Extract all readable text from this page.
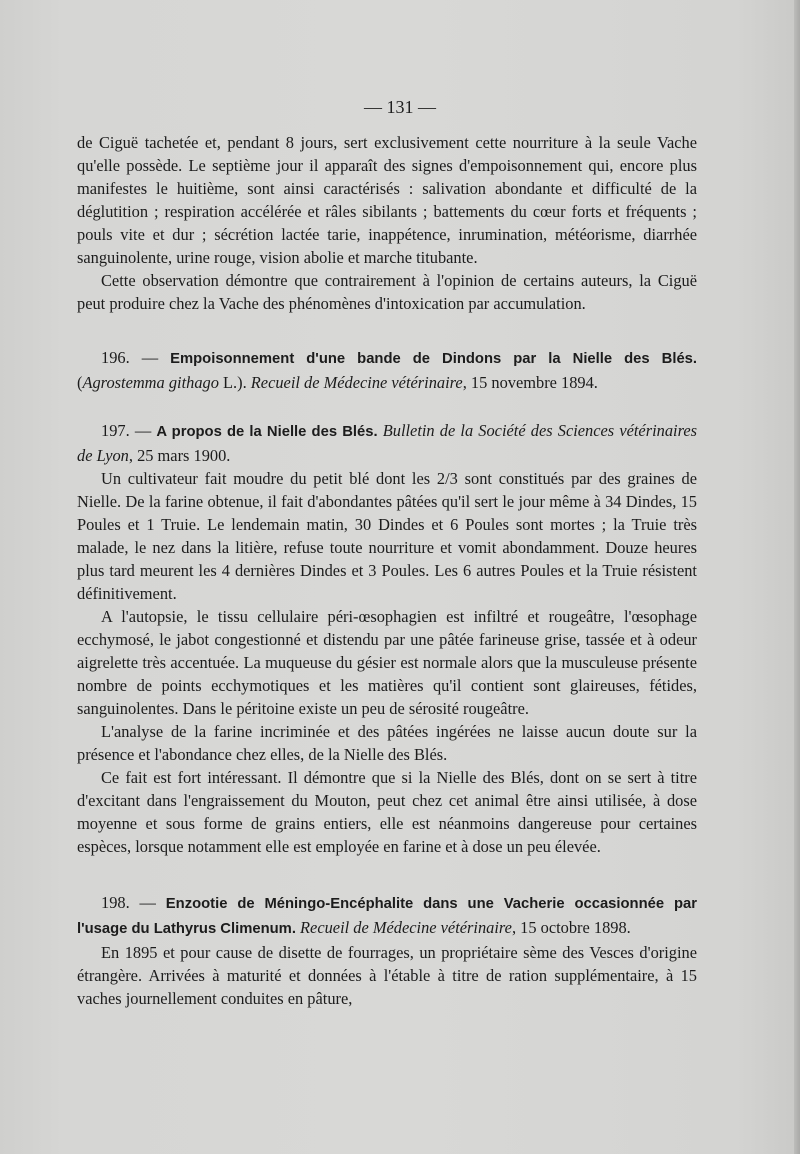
— 131 —

de Ciguë tachetée et, pendant 8 jours, sert exclusivement cette nourriture à la seule Vache qu'elle possède. Le septième jour il apparaît des signes d'empoisonnement qui, encore plus manifestes le huitième, sont ainsi caractérisés : salivation abondante et difficulté de la déglutition ; respiration accélérée et râles sibilants ; battements du cœur forts et fréquents ; pouls vite et dur ; sécrétion lactée tarie, inappétence, inrumination, météorisme, diarrhée sanguinolente, urine rouge, vision abolie et marche titubante.

Cette observation démontre que contrairement à l'opinion de certains auteurs, la Ciguë peut produire chez la Vache des phénomènes d'intoxication par accumulation.

196. — Empoisonnement d'une bande de Dindons par la Nielle des Blés. (Agrostemma githago L.). Recueil de Médecine vétérinaire, 15 novembre 1894.

197. — A propos de la Nielle des Blés. Bulletin de la Société des Sciences vétérinaires de Lyon, 25 mars 1900.

Un cultivateur fait moudre du petit blé dont les 2/3 sont constitués par des graines de Nielle. De la farine obtenue, il fait d'abondantes pâtées qu'il sert le jour même à 34 Dindes, 15 Poules et 1 Truie. Le lendemain matin, 30 Dindes et 6 Poules sont mortes ; la Truie très malade, le nez dans la litière, refuse toute nourriture et vomit abondamment. Douze heures plus tard meurent les 4 dernières Dindes et 3 Poules. Les 6 autres Poules et la Truie résistent définitivement.

A l'autopsie, le tissu cellulaire péri-œsophagien est infiltré et rougeâtre, l'œsophage ecchymosé, le jabot congestionné et distendu par une pâtée farineuse grise, tassée et à odeur aigrelette très accentuée. La muqueuse du gésier est normale alors que la musculeuse présente nombre de points ecchymotiques et les matières qu'il contient sont glaireuses, fétides, sanguinolentes. Dans le péritoine existe un peu de sérosité rougeâtre.

L'analyse de la farine incriminée et des pâtées ingérées ne laisse aucun doute sur la présence et l'abondance chez elles, de la Nielle des Blés.

Ce fait est fort intéressant. Il démontre que si la Nielle des Blés, dont on se sert à titre d'excitant dans l'engraissement du Mouton, peut chez cet animal être ainsi utilisée, à dose moyenne et sous forme de grains entiers, elle est néanmoins dangereuse pour certaines espèces, lorsque notamment elle est employée en farine et à dose un peu élevée.

198. — Enzootie de Méningo-Encéphalite dans une Vacherie occasionnée par l'usage du Lathyrus Climenum. Recueil de Médecine vétérinaire, 15 octobre 1898.

En 1895 et pour cause de disette de fourrages, un propriétaire sème des Vesces d'origine étrangère. Arrivées à maturité et données à l'étable à titre de ration supplémentaire, à 15 vaches journellement conduites en pâture,
